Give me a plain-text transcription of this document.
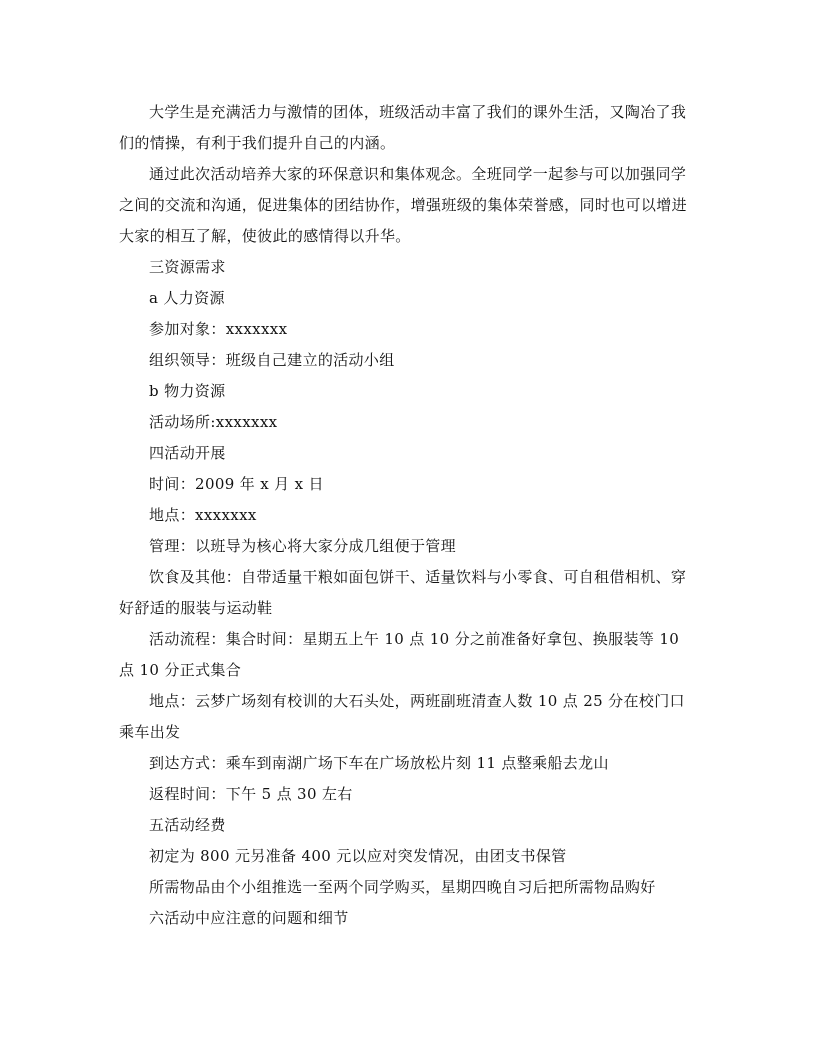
大学生是充满活力与激情的团体，班级活动丰富了我们的课外生活，又陶冶了我们的情操，有利于我们提升自己的内涵。

通过此次活动培养大家的环保意识和集体观念。全班同学一起参与可以加强同学之间的交流和沟通，促进集体的团结协作，增强班级的集体荣誉感，同时也可以增进大家的相互了解，使彼此的感情得以升华。

三资源需求

a 人力资源

参加对象：xxxxxxx

组织领导：班级自己建立的活动小组

b 物力资源

活动场所:xxxxxxx

四活动开展

时间：2009 年 x 月 x 日

地点：xxxxxxx

管理：以班导为核心将大家分成几组便于管理

饮食及其他：自带适量干粮如面包饼干、适量饮料与小零食、可自租借相机、穿好舒适的服装与运动鞋

活动流程：集合时间：星期五上午 10 点 10 分之前准备好拿包、换服装等 10 点 10 分正式集合

地点：云梦广场刻有校训的大石头处，两班副班清查人数 10 点 25 分在校门口乘车出发

到达方式：乘车到南湖广场下车在广场放松片刻 11 点整乘船去龙山

返程时间：下午 5 点 30 左右

五活动经费

初定为 800 元另准备 400 元以应对突发情况，由团支书保管

所需物品由个小组推选一至两个同学购买，星期四晚自习后把所需物品购好

六活动中应注意的问题和细节
